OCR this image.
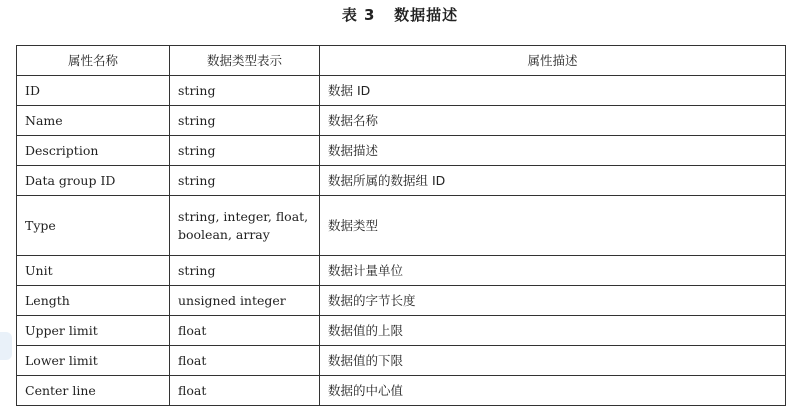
表 3 数据描述
属性名称	数据类型表示	属性描述
ID	string	数据 ID
Name	string	数据名称
Description	string	数据描述
Data group ID	string	数据所属的数据组 ID
Type	string, integer, float, boolean, array	数据类型
Unit	string	数据计量单位
Length	unsigned integer	数据的字节长度
Upper limit	float	数据值的上限
Lower limit	float	数据值的下限
Center line	float	数据的中心值
